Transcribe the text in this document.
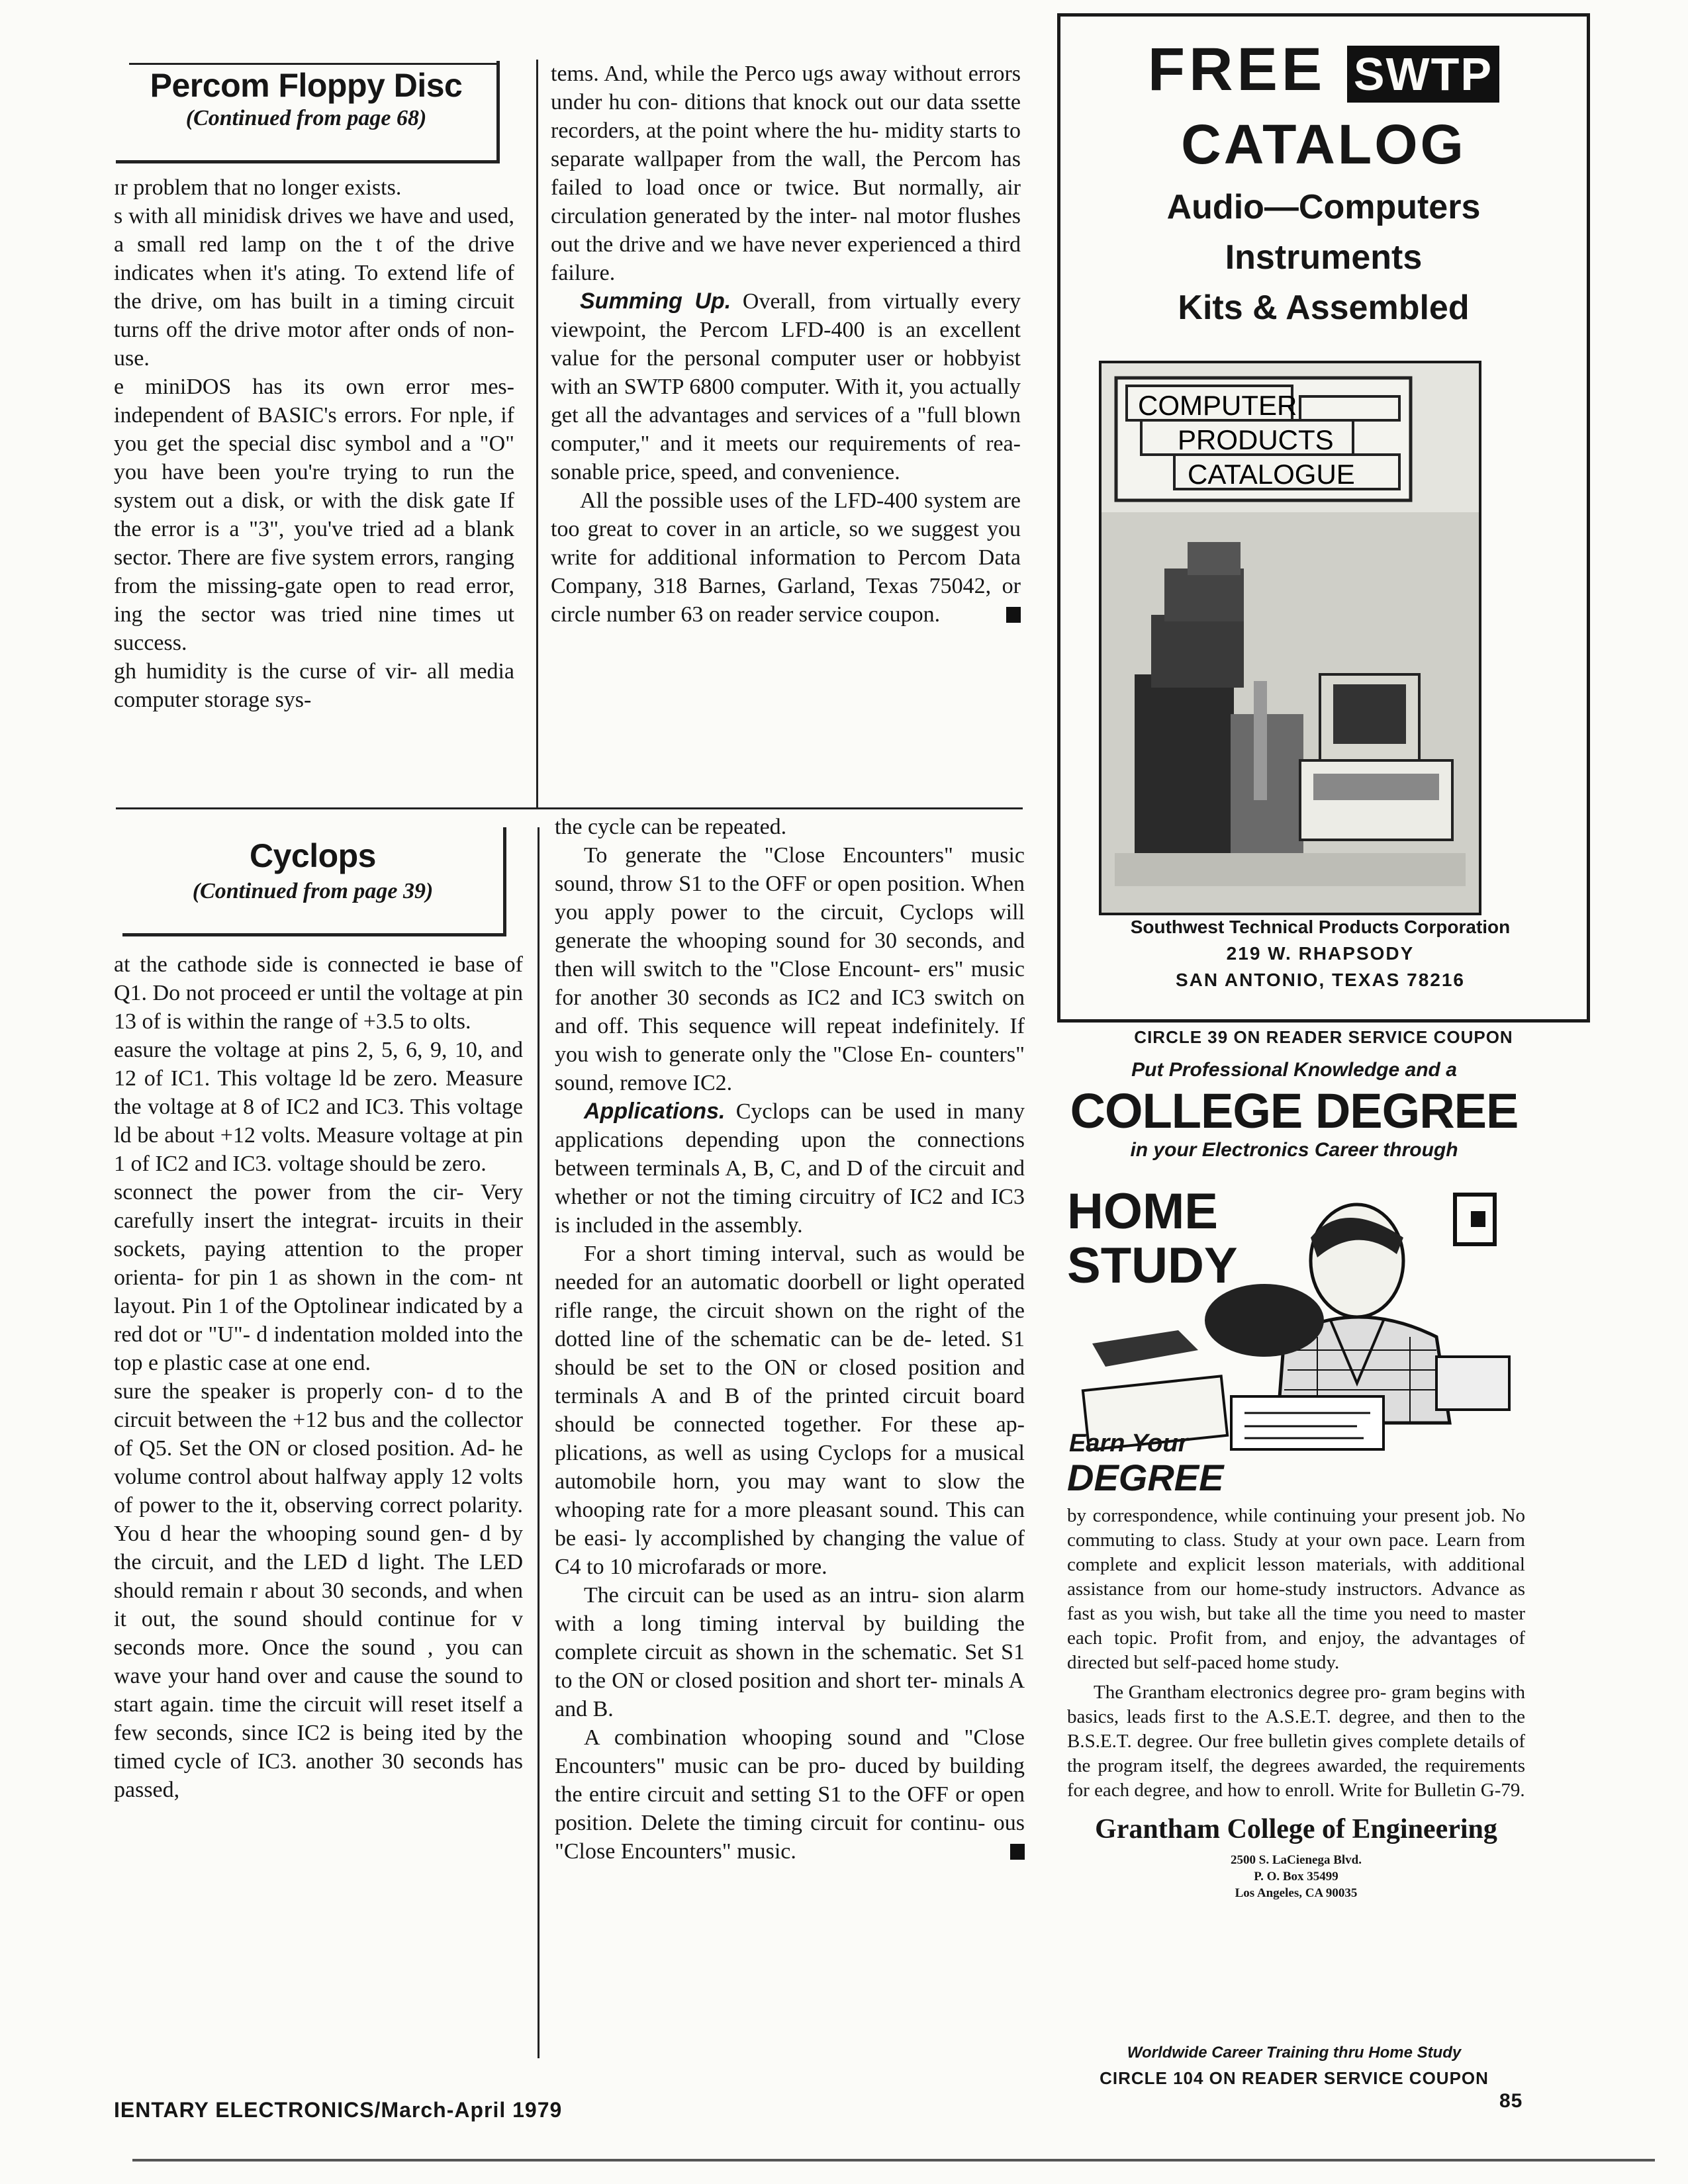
Percom Floppy Disc
(Continued from page 68)

ɪr problem that no longer exists.

s with all minidisk drives we have and used, a small red lamp on the t of the drive indicates when it's ating. To extend life of the drive, om has built in a timing circuit turns off the drive motor after onds of non-use.

e miniDOS has its own error mes- independent of BASIC's errors. For nple, if you get the special disc symbol and a "O" you have been you're trying to run the system out a disk, or with the disk gate If the error is a "3", you've tried ad a blank sector. There are five system errors, ranging from the missing-gate open to read error, ing the sector was tried nine times ut success.

gh humidity is the curse of vir- all media computer storage sys-

tems. And, while the Perco ugs away without errors under hu con- ditions that knock out our data ssette recorders, at the point where the hu- midity starts to separate wallpaper from the wall, the Percom has failed to load once or twice. But normally, air circulation generated by the inter- nal motor flushes out the drive and we have never experienced a third failure.

Summing Up. Overall, from virtually every viewpoint, the Percom LFD-400 is an excellent value for the personal computer user or hobbyist with an SWTP 6800 computer. With it, you actually get all the advantages and services of a "full blown computer," and it meets our requirements of rea- sonable price, speed, and convenience.

All the possible uses of the LFD-400 system are too great to cover in an article, so we suggest you write for additional information to Percom Data Company, 318 Barnes, Garland, Texas 75042, or circle number 63 on reader service coupon.

Cyclops
(Continued from page 39)

at the cathode side is connected ie base of Q1. Do not proceed er until the voltage at pin 13 of is within the range of +3.5 to olts.

easure the voltage at pins 2, 5, 6, 9, 10, and 12 of IC1. This voltage ld be zero. Measure the voltage at 8 of IC2 and IC3. This voltage ld be about +12 volts. Measure voltage at pin 1 of IC2 and IC3. voltage should be zero.

sconnect the power from the cir- Very carefully insert the integrat- ircuits in their sockets, paying attention to the proper orienta- for pin 1 as shown in the com- nt layout. Pin 1 of the Optolinear indicated by a red dot or "U"- d indentation molded into the top e plastic case at one end.

sure the speaker is properly con- d to the circuit between the +12 bus and the collector of Q5. Set the ON or closed position. Ad- he volume control about halfway apply 12 volts of power to the it, observing correct polarity. You d hear the whooping sound gen- d by the circuit, and the LED d light. The LED should remain r about 30 seconds, and when it out, the sound should continue for v seconds more. Once the sound , you can wave your hand over and cause the sound to start again. time the circuit will reset itself a few seconds, since IC2 is being ited by the timed cycle of IC3. another 30 seconds has passed,

the cycle can be repeated.

To generate the "Close Encounters" music sound, throw S1 to the OFF or open position. When you apply power to the circuit, Cyclops will generate the whooping sound for 30 seconds, and then will switch to the "Close Encount- ers" music for another 30 seconds as IC2 and IC3 switch on and off. This sequence will repeat indefinitely. If you wish to generate only the "Close En- counters" sound, remove IC2.

Applications. Cyclops can be used in many applications depending upon the connections between terminals A, B, C, and D of the circuit and whether or not the timing circuitry of IC2 and IC3 is included in the assembly.

For a short timing interval, such as would be needed for an automatic doorbell or light operated rifle range, the circuit shown on the right of the dotted line of the schematic can be de- leted. S1 should be set to the ON or closed position and terminals A and B of the printed circuit board should be connected together. For these ap- plications, as well as using Cyclops for a musical automobile horn, you may want to slow the whooping rate for a more pleasant sound. This can be easi- ly accomplished by changing the value of C4 to 10 microfarads or more.

The circuit can be used as an intru- sion alarm with a long timing interval by building the complete circuit as shown in the schematic. Set S1 to the ON or closed position and short ter- minals A and B.

A combination whooping sound and "Close Encounters" music can be pro- duced by building the entire circuit and setting S1 to the OFF or open position. Delete the timing circuit for continu- ous "Close Encounters" music.

FREE SWTP
CATALOG
Audio—Computers
Instruments
Kits & Assembled
COMPUTER
PRODUCTS
CATALOGUE
Southwest Technical Products Corporation
219 W. RHAPSODY
SAN ANTONIO, TEXAS 78216
CIRCLE 39 ON READER SERVICE COUPON
Put Professional Knowledge and a
COLLEGE DEGREE
in your Electronics Career through
HOME
STUDY
Earn Your
DEGREE

by correspondence, while continuing your present job. No commuting to class. Study at your own pace. Learn from complete and explicit lesson materials, with additional assistance from our home-study instructors. Advance as fast as you wish, but take all the time you need to master each topic. Profit from, and enjoy, the advantages of directed but self-paced home study.

The Grantham electronics degree pro- gram begins with basics, leads first to the A.S.E.T. degree, and then to the B.S.E.T. degree. Our free bulletin gives complete details of the program itself, the degrees awarded, the requirements for each degree, and how to enroll. Write for Bulletin G-79.

Grantham College of Engineering
2500 S. LaCienega Blvd.
P. O. Box 35499
Los Angeles, CA 90035
Worldwide Career Training thru Home Study
CIRCLE 104 ON READER SERVICE COUPON
IENTARY ELECTRONICS/March-April 1979	85
